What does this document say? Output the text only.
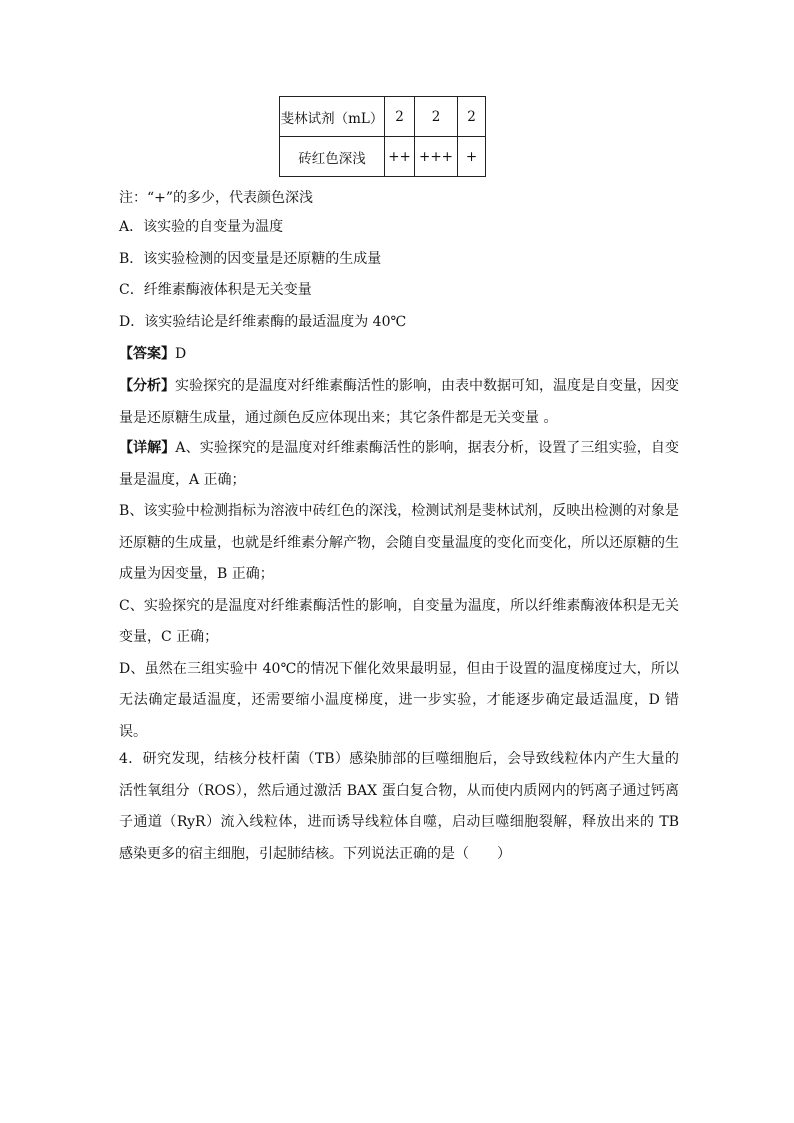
斐林试剂（mL）	2	2	2
砖红色深浅	++	+++	+
注：“+”的多少，代表颜色深浅
A．该实验的自变量为温度
B．该实验检测的因变量是还原糖的生成量
C．纤维素酶液体积是无关变量
D．该实验结论是纤维素酶的最适温度为 40℃
【答案】D

【分析】实验探究的是温度对纤维素酶活性的影响，由表中数据可知，温度是自变量，因变量是还原糖生成量，通过颜色反应体现出来；其它条件都是无关变量 。

【详解】A、实验探究的是温度对纤维素酶活性的影响，据表分析，设置了三组实验，自变量是温度，A 正确；

B、该实验中检测指标为溶液中砖红色的深浅，检测试剂是斐林试剂，反映出检测的对象是还原糖的生成量，也就是纤维素分解产物，会随自变量温度的变化而变化，所以还原糖的生成量为因变量，B 正确；

C、实验探究的是温度对纤维素酶活性的影响，自变量为温度，所以纤维素酶液体积是无关变量，C 正确；

D、虽然在三组实验中 40℃的情况下催化效果最明显，但由于设置的温度梯度过大，所以无法确定最适温度，还需要缩小温度梯度，进一步实验，才能逐步确定最适温度，D 错误。

4．研究发现，结核分枝杆菌（TB）感染肺部的巨噬细胞后，会导致线粒体内产生大量的活性氧组分（ROS），然后通过激活 BAX 蛋白复合物，从而使内质网内的钙离子通过钙离子通道（RyR）流入线粒体，进而诱导线粒体自噬，启动巨噬细胞裂解，释放出来的 TB 感染更多的宿主细胞，引起肺结核。下列说法正确的是（　　）
